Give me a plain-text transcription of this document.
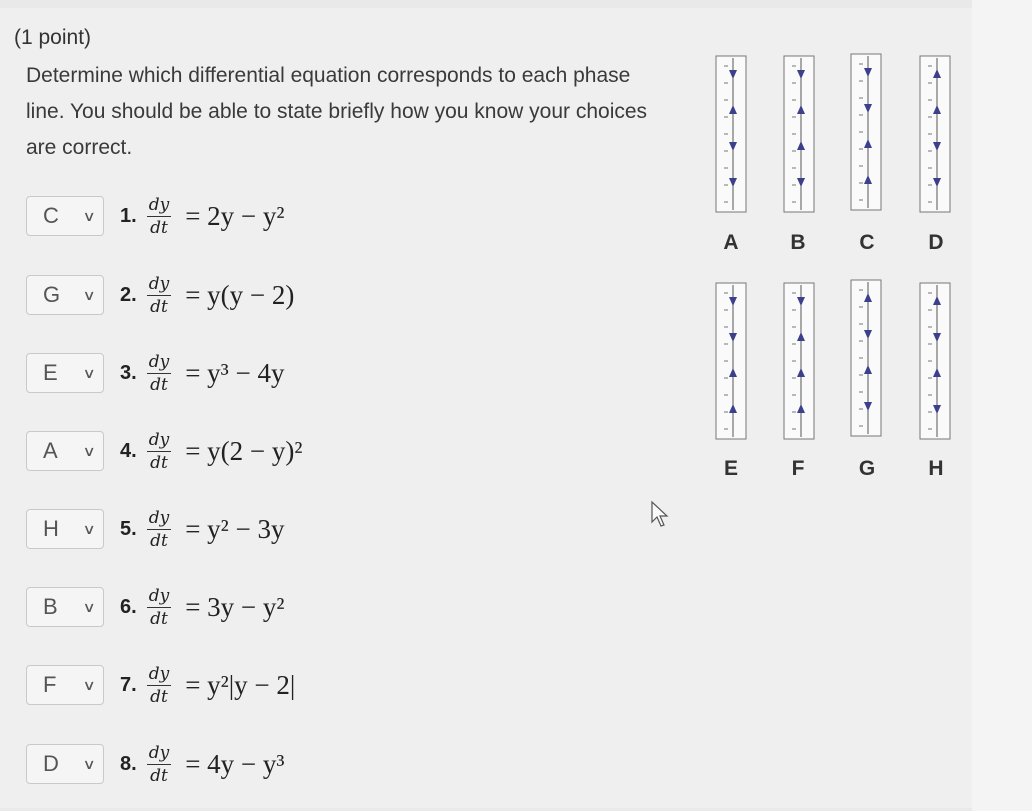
(1 point)
Determine which differential equation corresponds to each phase line. You should be able to state briefly how you know your choices are correct.
C ∨ 1. $\frac{dy}{dt} = 2y - y^2$
G ∨ 2. $\frac{dy}{dt} = y(y - 2)$
E ∨ 3. $\frac{dy}{dt} = y^3 - 4y$
A ∨ 4. $\frac{dy}{dt} = y(2 - y)^2$
H ∨ 5. $\frac{dy}{dt} = y^2 - 3y$
B ∨ 6. $\frac{dy}{dt} = 3y - y^2$
F ∨ 7. $\frac{dy}{dt} = y^2|y - 2|$
D ∨ 8. $\frac{dy}{dt} = 4y - y^3$
A	B	C	D
E	F	G	H
